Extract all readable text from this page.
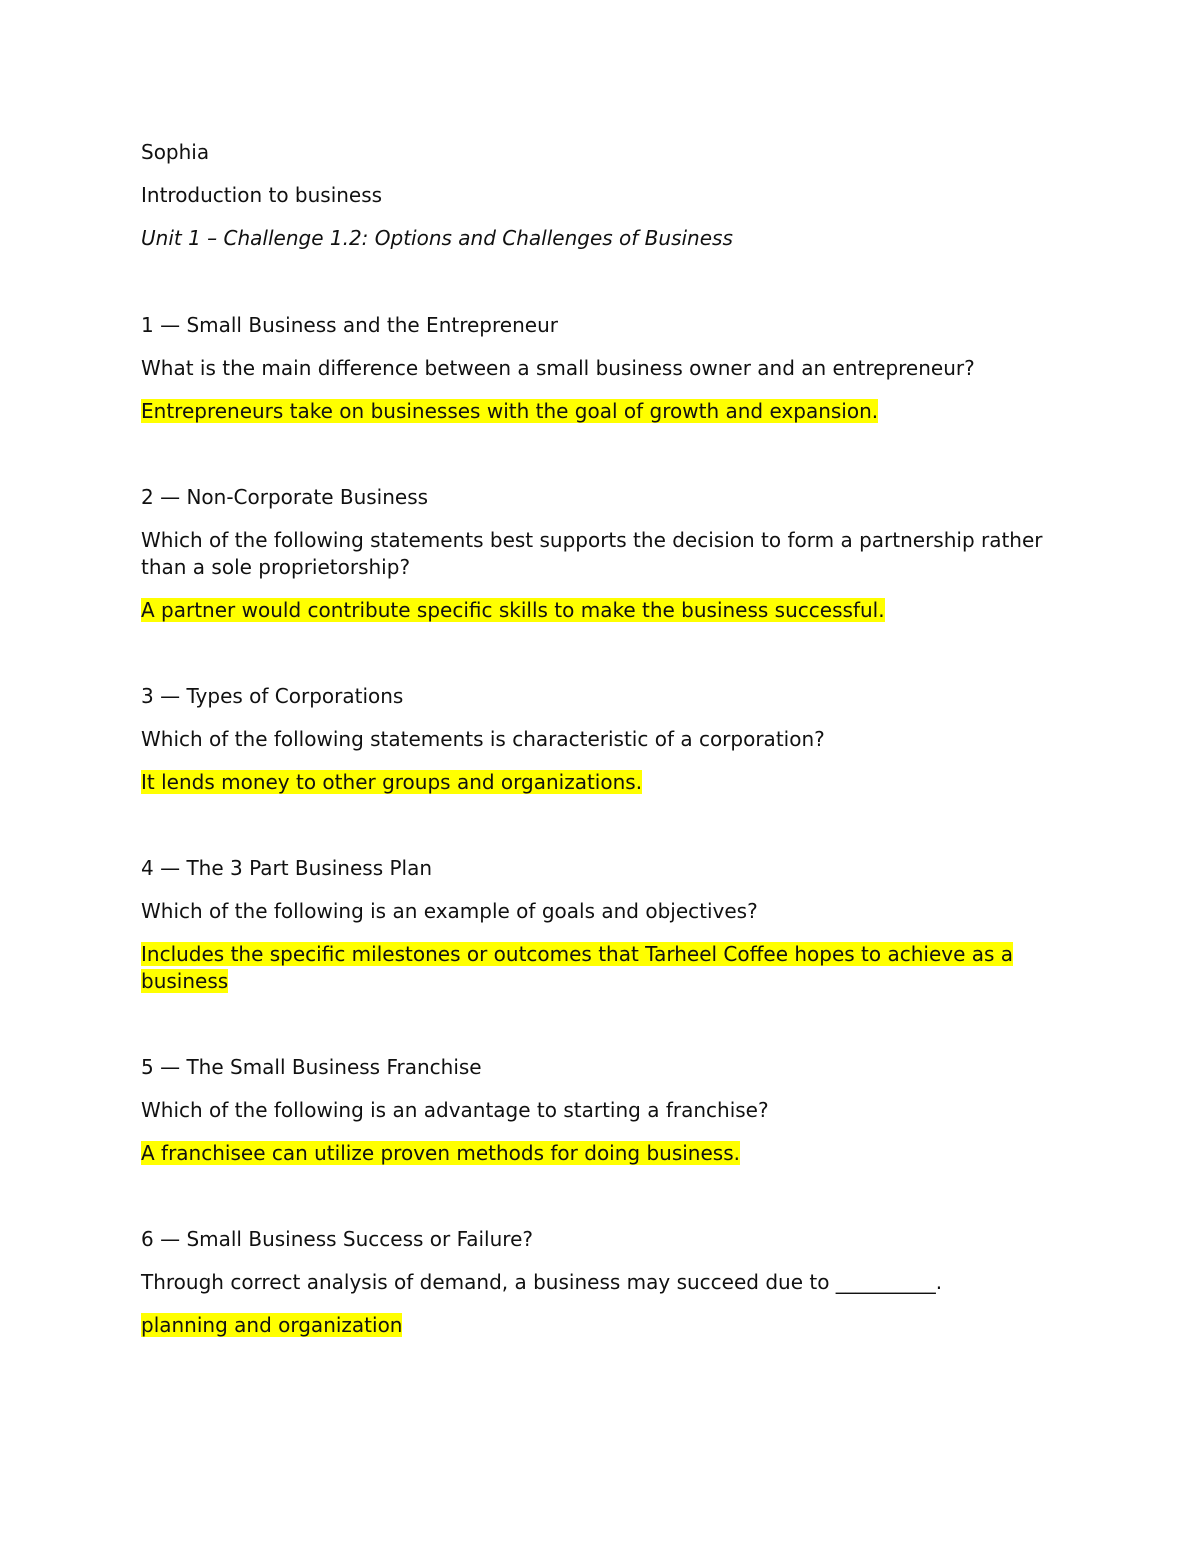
Sophia

Introduction to business

Unit 1 – Challenge 1.2: Options and Challenges of Business

1 — Small Business and the Entrepreneur

What is the main difference between a small business owner and an entrepreneur?

Entrepreneurs take on businesses with the goal of growth and expansion.

2 — Non-Corporate Business

Which of the following statements best supports the decision to form a partnership rather than a sole proprietorship?

A partner would contribute specific skills to make the business successful.

3 — Types of Corporations

Which of the following statements is characteristic of a corporation?

It lends money to other groups and organizations.

4 — The 3 Part Business Plan

Which of the following is an example of goals and objectives?

Includes the specific milestones or outcomes that Tarheel Coffee hopes to achieve as a business

5 — The Small Business Franchise

Which of the following is an advantage to starting a franchise?

A franchisee can utilize proven methods for doing business.

6 — Small Business Success or Failure?

Through correct analysis of demand, a business may succeed due to __________.

planning and organization
